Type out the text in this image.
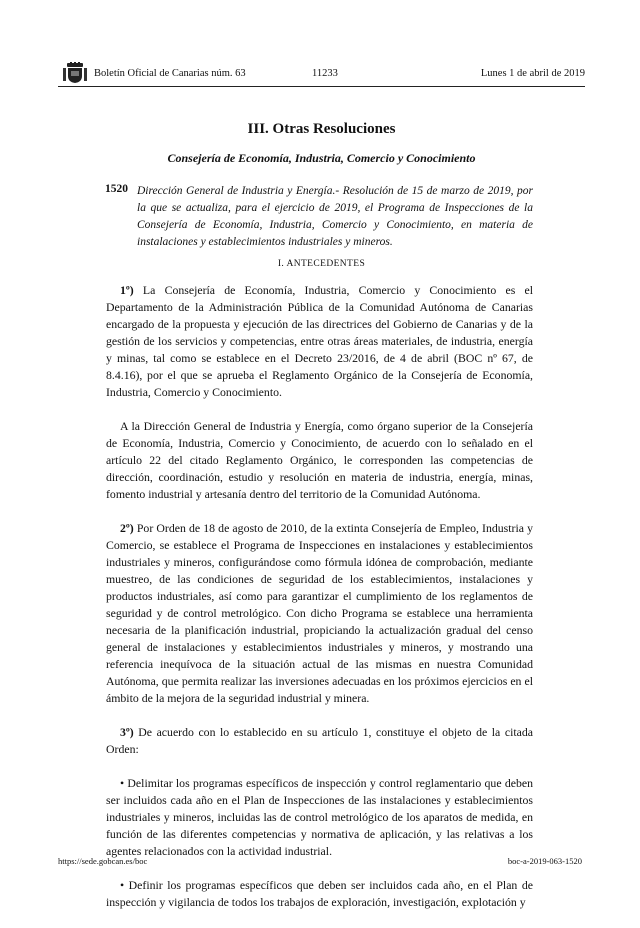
Boletín Oficial de Canarias núm. 63	11233	Lunes 1 de abril de 2019
III. Otras Resoluciones
Consejería de Economía, Industria, Comercio y Conocimiento
1520 Dirección General de Industria y Energía.- Resolución de 15 de marzo de 2019, por la que se actualiza, para el ejercicio de 2019, el Programa de Inspecciones de la Consejería de Economía, Industria, Comercio y Conocimiento, en materia de instalaciones y establecimientos industriales y mineros.
I. ANTECEDENTES

1º) La Consejería de Economía, Industria, Comercio y Conocimiento es el Departamento de la Administración Pública de la Comunidad Autónoma de Canarias encargado de la propuesta y ejecución de las directrices del Gobierno de Canarias y de la gestión de los servicios y competencias, entre otras áreas materiales, de industria, energía y minas, tal como se establece en el Decreto 23/2016, de 4 de abril (BOC nº 67, de 8.4.16), por el que se aprueba el Reglamento Orgánico de la Consejería de Economía, Industria, Comercio y Conocimiento.

A la Dirección General de Industria y Energía, como órgano superior de la Consejería de Economía, Industria, Comercio y Conocimiento, de acuerdo con lo señalado en el artículo 22 del citado Reglamento Orgánico, le corresponden las competencias de dirección, coordinación, estudio y resolución en materia de industria, energía, minas, fomento industrial y artesanía dentro del territorio de la Comunidad Autónoma.

2º) Por Orden de 18 de agosto de 2010, de la extinta Consejería de Empleo, Industria y Comercio, se establece el Programa de Inspecciones en instalaciones y establecimientos industriales y mineros, configurándose como fórmula idónea de comprobación, mediante muestreo, de las condiciones de seguridad de los establecimientos, instalaciones y productos industriales, así como para garantizar el cumplimiento de los reglamentos de seguridad y de control metrológico. Con dicho Programa se establece una herramienta necesaria de la planificación industrial, propiciando la actualización gradual del censo general de instalaciones y establecimientos industriales y mineros, y mostrando una referencia inequívoca de la situación actual de las mismas en nuestra Comunidad Autónoma, que permita realizar las inversiones adecuadas en los próximos ejercicios en el ámbito de la mejora de la seguridad industrial y minera.

3º) De acuerdo con lo establecido en su artículo 1, constituye el objeto de la citada Orden:

• Delimitar los programas específicos de inspección y control reglamentario que deben ser incluidos cada año en el Plan de Inspecciones de las instalaciones y establecimientos industriales y mineros, incluidas las de control metrológico de los aparatos de medida, en función de las diferentes competencias y normativa de aplicación, y las relativas a los agentes relacionados con la actividad industrial.

• Definir los programas específicos que deben ser incluidos cada año, en el Plan de inspección y vigilancia de todos los trabajos de exploración, investigación, explotación y

https://sede.gobcan.es/boc	boc-a-2019-063-1520
